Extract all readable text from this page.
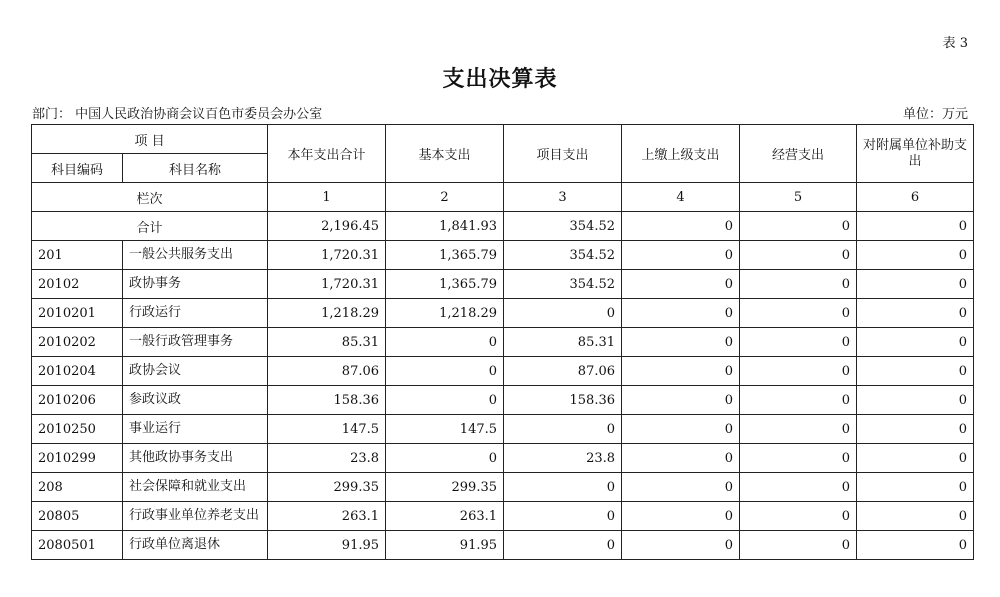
表 3
支出决算表
部门： 中国人民政治协商会议百色市委员会办公室	单位：万元
项 目		本年支出合计	基本支出	项目支出	上缴上级支出	经营支出	对附属单位补助支出
科目编码	科目名称						
栏次		1	2	3	4	5	6
合计		2,196.45	1,841.93	354.52	0	0	0
201	一般公共服务支出	1,720.31	1,365.79	354.52	0	0	0
20102	政协事务	1,720.31	1,365.79	354.52	0	0	0
2010201	行政运行	1,218.29	1,218.29	0	0	0	0
2010202	一般行政管理事务	85.31	0	85.31	0	0	0
2010204	政协会议	87.06	0	87.06	0	0	0
2010206	参政议政	158.36	0	158.36	0	0	0
2010250	事业运行	147.5	147.5	0	0	0	0
2010299	其他政协事务支出	23.8	0	23.8	0	0	0
208	社会保障和就业支出	299.35	299.35	0	0	0	0
20805	行政事业单位养老支出	263.1	263.1	0	0	0	0
2080501	行政单位离退休	91.95	91.95	0	0	0	0
